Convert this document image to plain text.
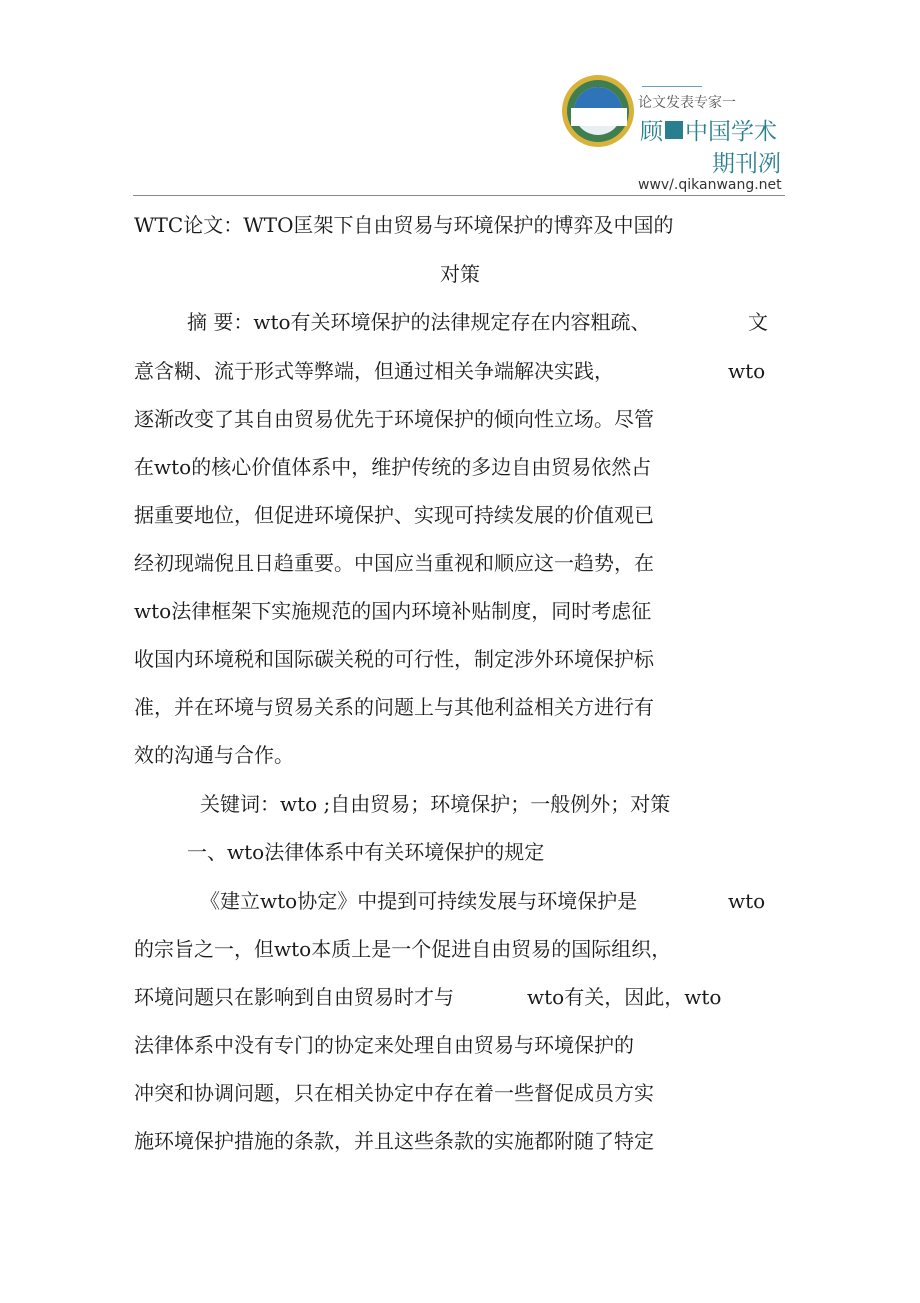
论文发表专家一
顾 中国学术
期刊冽
wwv/.qikanwang.net
WTC论文：WTO匡架下自由贸易与环境保护的博弈及中国的
对策
摘 要：wto有关环境保护的法律规定存在内容粗疏、	文
意含糊、流于形式等弊端，但通过相关争端解决实践，	wto
逐渐改变了其自由贸易优先于环境保护的倾向性立场。尽管
在wto的核心价值体系中，维护传统的多边自由贸易依然占
据重要地位，但促进环境保护、实现可持续发展的价值观已
经初现端倪且日趋重要。中国应当重视和顺应这一趋势，在
wto法律框架下实施规范的国内环境补贴制度，同时考虑征
收国内环境税和国际碳关税的可行性，制定涉外环境保护标
准，并在环境与贸易关系的问题上与其他利益相关方进行有
效的沟通与合作。
关键词：wto ;自由贸易；环境保护；一般例外；对策
一、wto法律体系中有关环境保护的规定
《建立wto协定》中提到可持续发展与环境保护是	wto
的宗旨之一，但wto本质上是一个促进自由贸易的国际组织，
环境问题只在影响到自由贸易时才与	wto有关，因此，wto
法律体系中没有专门的协定来处理自由贸易与环境保护的
冲突和协调问题，只在相关协定中存在着一些督促成员方实
施环境保护措施的条款，并且这些条款的实施都附随了特定
